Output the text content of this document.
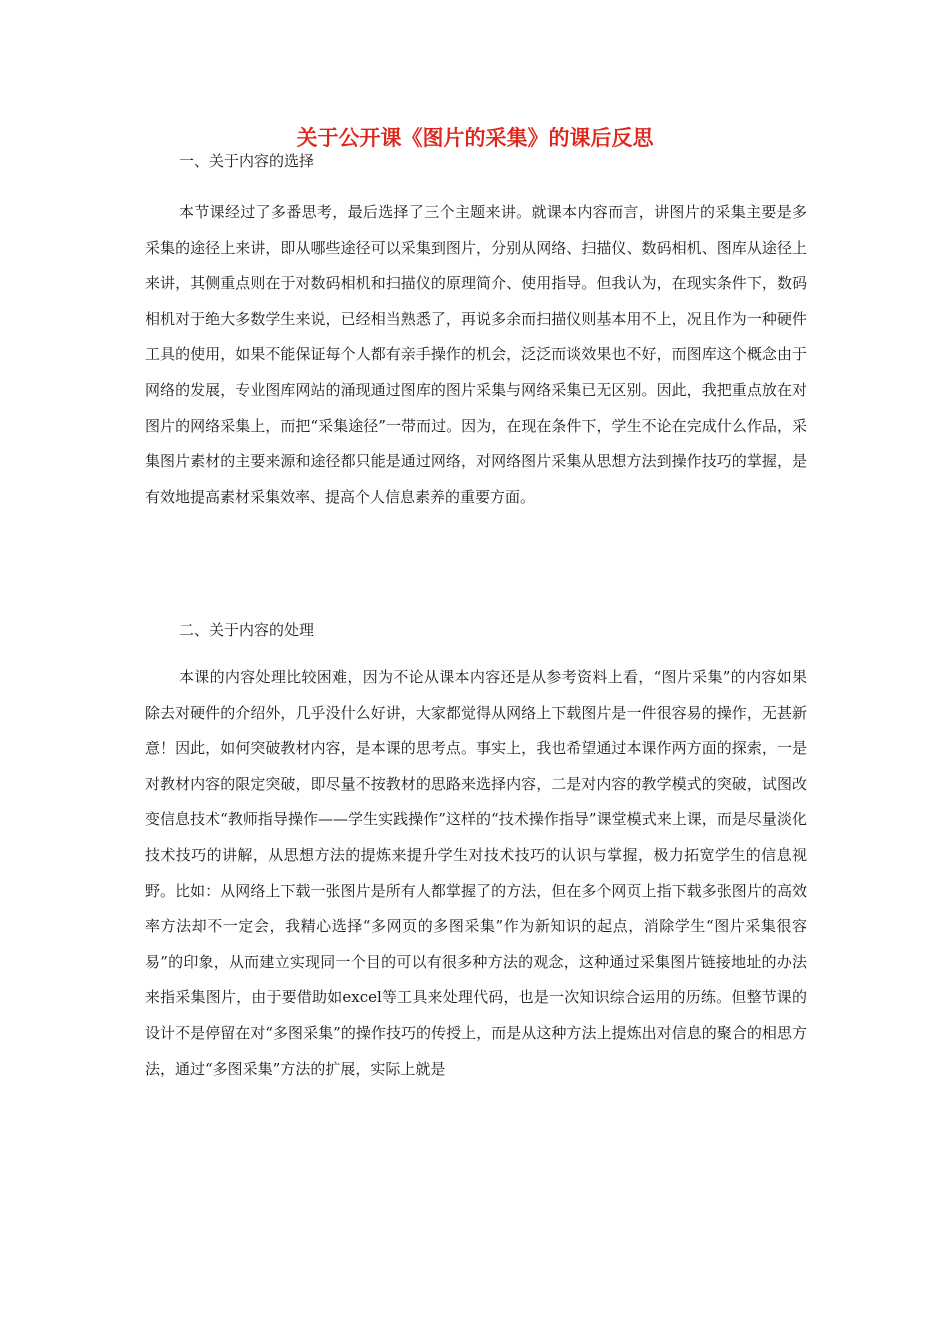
关于公开课《图片的采集》的课后反思
一、关于内容的选择

本节课经过了多番思考，最后选择了三个主题来讲。就课本内容而言，讲图片的采集主要是多采集的途径上来讲，即从哪些途径可以采集到图片，分别从网络、扫描仪、数码相机、图库从途径上来讲，其侧重点则在于对数码相机和扫描仪的原理简介、使用指导。但我认为，在现实条件下，数码相机对于绝大多数学生来说，已经相当熟悉了，再说多余而扫描仪则基本用不上，况且作为一种硬件工具的使用，如果不能保证每个人都有亲手操作的机会，泛泛而谈效果也不好，而图库这个概念由于网络的发展，专业图库网站的涌现通过图库的图片采集与网络采集已无区别。因此，我把重点放在对图片的网络采集上，而把“采集途径”一带而过。因为，在现在条件下，学生不论在完成什么作品，采集图片素材的主要来源和途径都只能是通过网络，对网络图片采集从思想方法到操作技巧的掌握，是有效地提高素材采集效率、提高个人信息素养的重要方面。

二、关于内容的处理

本课的内容处理比较困难，因为不论从课本内容还是从参考资料上看，“图片采集”的内容如果除去对硬件的介绍外，几乎没什么好讲，大家都觉得从网络上下载图片是一件很容易的操作，无甚新意！因此，如何突破教材内容，是本课的思考点。事实上，我也希望通过本课作两方面的探索，一是对教材内容的限定突破，即尽量不按教材的思路来选择内容，二是对内容的教学模式的突破，试图改变信息技术“教师指导操作——学生实践操作”这样的“技术操作指导”课堂模式来上课，而是尽量淡化技术技巧的讲解，从思想方法的提炼来提升学生对技术技巧的认识与掌握，极力拓宽学生的信息视野。比如：从网络上下载一张图片是所有人都掌握了的方法，但在多个网页上指下载多张图片的高效率方法却不一定会，我精心选择“多网页的多图采集”作为新知识的起点，消除学生“图片采集很容易”的印象，从而建立实现同一个目的可以有很多种方法的观念，这种通过采集图片链接地址的办法来指采集图片，由于要借助如excel等工具来处理代码，也是一次知识综合运用的历练。但整节课的设计不是停留在对“多图采集”的操作技巧的传授上，而是从这种方法上提炼出对信息的聚合的相思方法，通过“多图采集”方法的扩展，实际上就是
